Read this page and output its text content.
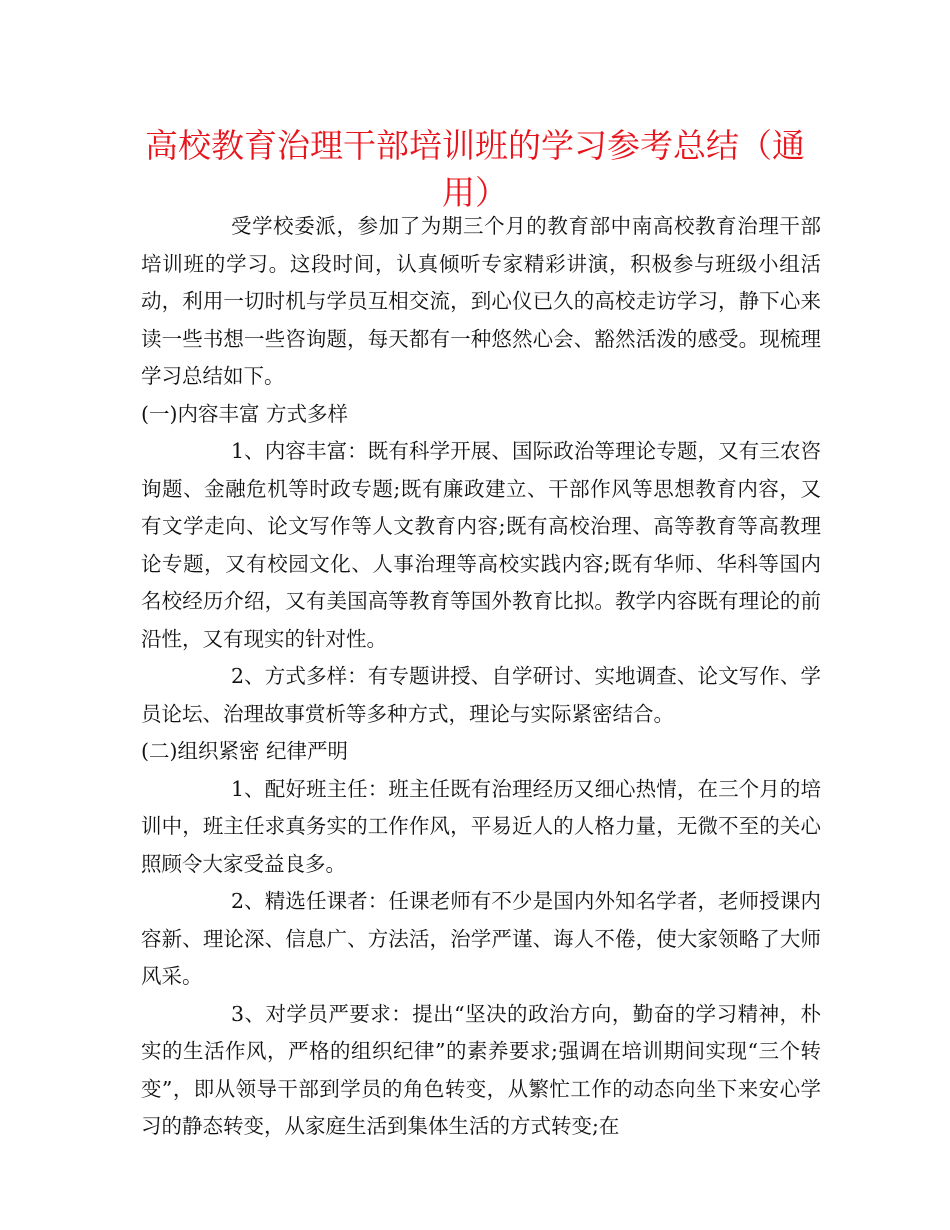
高校教育治理干部培训班的学习参考总结（通用）

受学校委派，参加了为期三个月的教育部中南高校教育治理干部培训班的学习。这段时间，认真倾听专家精彩讲演，积极参与班级小组活动，利用一切时机与学员互相交流，到心仪已久的高校走访学习，静下心来读一些书想一些咨询题，每天都有一种悠然心会、豁然活泼的感受。现梳理学习总结如下。

(一)内容丰富 方式多样

1、内容丰富：既有科学开展、国际政治等理论专题，又有三农咨询题、金融危机等时政专题;既有廉政建立、干部作风等思想教育内容，又有文学走向、论文写作等人文教育内容;既有高校治理、高等教育等高教理论专题，又有校园文化、人事治理等高校实践内容;既有华师、华科等国内名校经历介绍，又有美国高等教育等国外教育比拟。教学内容既有理论的前沿性，又有现实的针对性。

2、方式多样：有专题讲授、自学研讨、实地调查、论文写作、学员论坛、治理故事赏析等多种方式，理论与实际紧密结合。

(二)组织紧密 纪律严明

1、配好班主任：班主任既有治理经历又细心热情，在三个月的培训中，班主任求真务实的工作作风，平易近人的人格力量，无微不至的关心照顾令大家受益良多。

2、精选任课者：任课老师有不少是国内外知名学者，老师授课内容新、理论深、信息广、方法活，治学严谨、诲人不倦，使大家领略了大师风采。

3、对学员严要求：提出“坚决的政治方向，勤奋的学习精神，朴实的生活作风，严格的组织纪律”的素养要求;强调在培训期间实现“三个转变”，即从领导干部到学员的角色转变，从繁忙工作的动态向坐下来安心学习的静态转变，从家庭生活到集体生活的方式转变;在
